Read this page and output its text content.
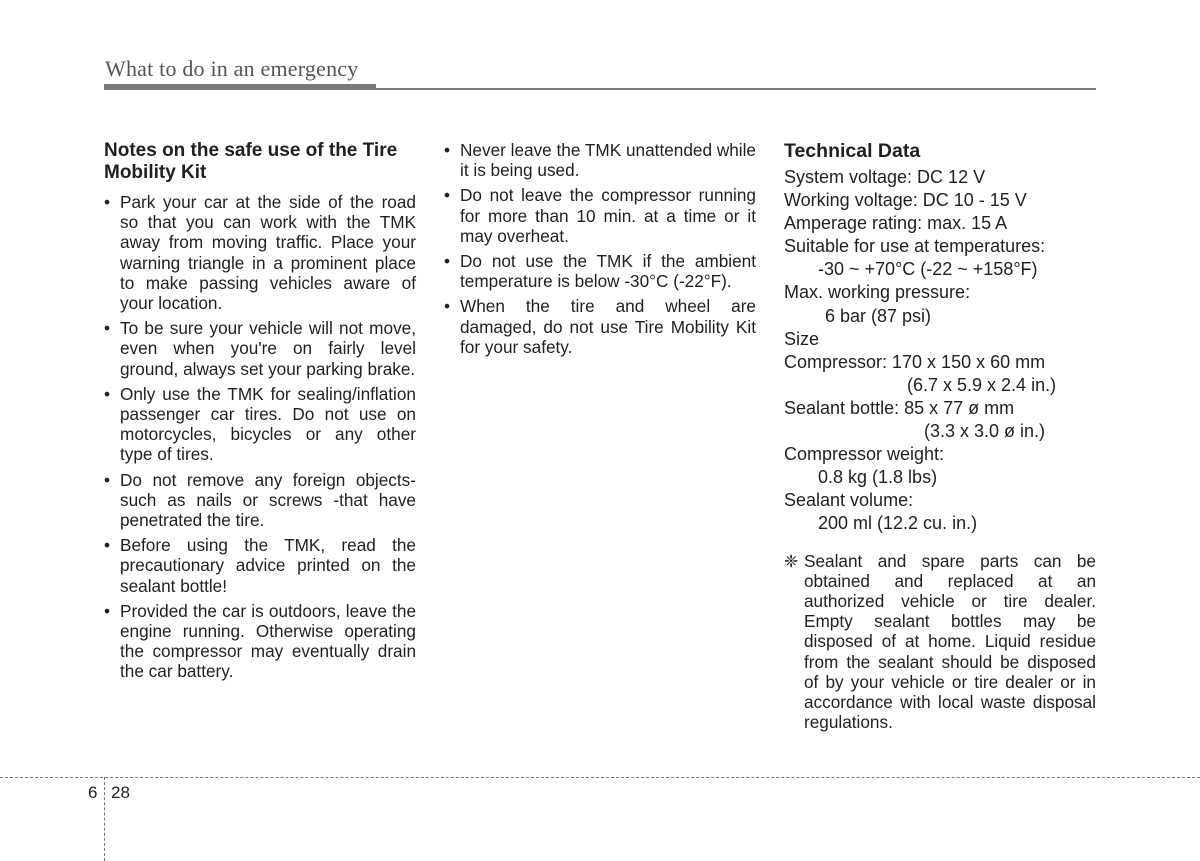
What to do in an emergency
Notes on the safe use of the Tire Mobility Kit
• Park your car at the side of the road so that you can work with the TMK away from moving traffic. Place your warning triangle in a prominent place to make passing vehicles aware of your location.
• To be sure your vehicle will not move, even when you're on fairly level ground, always set your parking brake.
• Only use the TMK for sealing/inflation passenger car tires. Do not use on motorcycles, bicycles or any other type of tires.
• Do not remove any foreign objects-such as nails or screws -that have penetrated the tire.
• Before using the TMK, read the precautionary advice printed on the sealant bottle!
• Provided the car is outdoors, leave the engine running. Otherwise operating the compressor may eventually drain the car battery.
• Never leave the TMK unattended while it is being used.
• Do not leave the compressor running for more than 10 min. at a time or it may overheat.
• Do not use the TMK if the ambient temperature is below -30°C (-22°F).
• When the tire and wheel are damaged, do not use Tire Mobility Kit for your safety.
Technical Data
System voltage: DC 12 V
Working voltage: DC 10 - 15 V
Amperage rating: max. 15 A
Suitable for use at temperatures:
-30 ~ +70°C (-22 ~ +158°F)
Max. working pressure:
6 bar (87 psi)
Size
Compressor: 170 x 150 x 60 mm
(6.7 x 5.9 x 2.4 in.)
Sealant bottle: 85 x 77 ø mm
(3.3 x 3.0 ø in.)
Compressor weight:
0.8 kg (1.8 lbs)
Sealant volume:
200 ml (12.2 cu. in.)
❈ Sealant and spare parts can be obtained and replaced at an authorized vehicle or tire dealer. Empty sealant bottles may be disposed of at home. Liquid residue from the sealant should be disposed of by your vehicle or tire dealer or in accordance with local waste disposal regulations.
6 28
